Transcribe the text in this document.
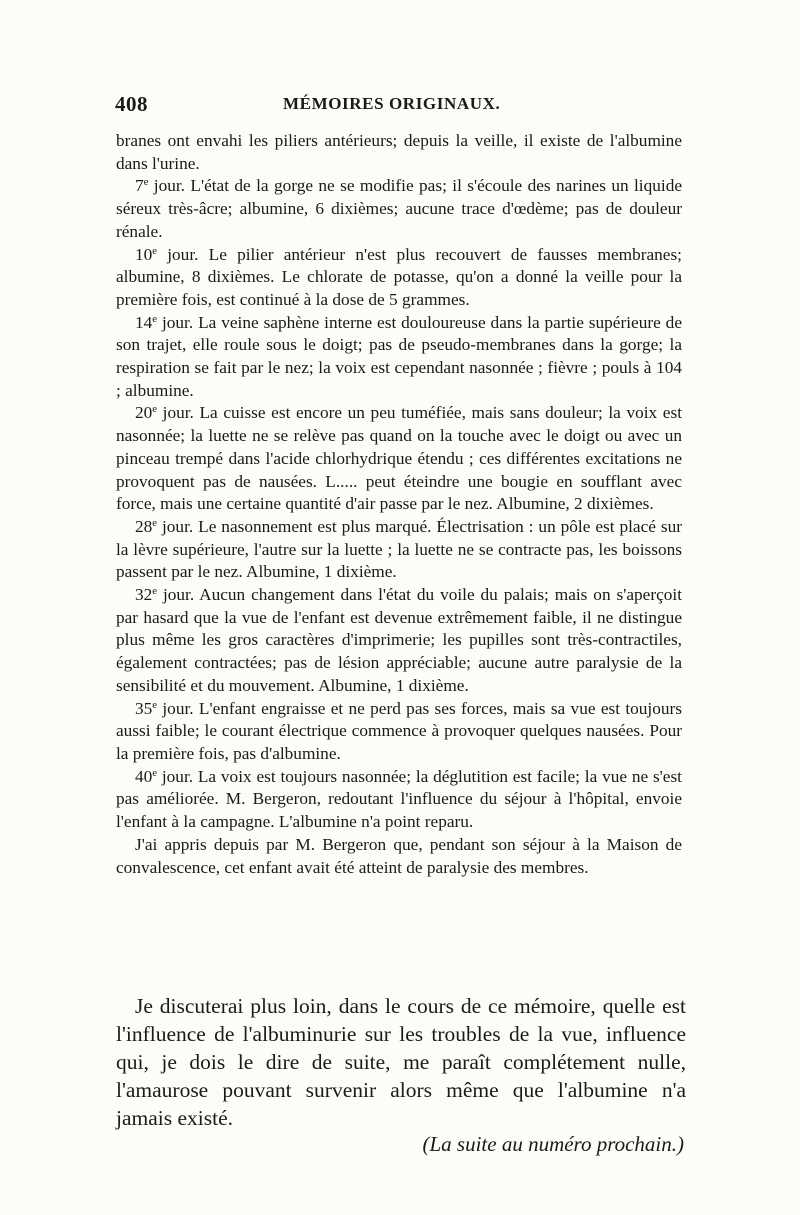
408	MÉMOIRES ORIGINAUX.

branes ont envahi les piliers antérieurs; depuis la veille, il existe de l'albumine dans l'urine.

7e jour. L'état de la gorge ne se modifie pas; il s'écoule des narines un liquide séreux très-âcre; albumine, 6 dixièmes; aucune trace d'œdème; pas de douleur rénale.

10e jour. Le pilier antérieur n'est plus recouvert de fausses membranes; albumine, 8 dixièmes. Le chlorate de potasse, qu'on a donné la veille pour la première fois, est continué à la dose de 5 grammes.

14e jour. La veine saphène interne est douloureuse dans la partie supérieure de son trajet, elle roule sous le doigt; pas de pseudo-membranes dans la gorge; la respiration se fait par le nez; la voix est cependant nasonnée ; fièvre ; pouls à 104 ; albumine.

20e jour. La cuisse est encore un peu tuméfiée, mais sans douleur; la voix est nasonnée; la luette ne se relève pas quand on la touche avec le doigt ou avec un pinceau trempé dans l'acide chlorhydrique étendu ; ces différentes excitations ne provoquent pas de nausées. L..... peut éteindre une bougie en soufflant avec force, mais une certaine quantité d'air passe par le nez. Albumine, 2 dixièmes.

28e jour. Le nasonnement est plus marqué. Électrisation : un pôle est placé sur la lèvre supérieure, l'autre sur la luette ; la luette ne se contracte pas, les boissons passent par le nez. Albumine, 1 dixième.

32e jour. Aucun changement dans l'état du voile du palais; mais on s'aperçoit par hasard que la vue de l'enfant est devenue extrêmement faible, il ne distingue plus même les gros caractères d'imprimerie; les pupilles sont très-contractiles, également contractées; pas de lésion appréciable; aucune autre paralysie de la sensibilité et du mouvement. Albumine, 1 dixième.

35e jour. L'enfant engraisse et ne perd pas ses forces, mais sa vue est toujours aussi faible; le courant électrique commence à provoquer quelques nausées. Pour la première fois, pas d'albumine.

40e jour. La voix est toujours nasonnée; la déglutition est facile; la vue ne s'est pas améliorée. M. Bergeron, redoutant l'influence du séjour à l'hôpital, envoie l'enfant à la campagne. L'albumine n'a point reparu.

J'ai appris depuis par M. Bergeron que, pendant son séjour à la Maison de convalescence, cet enfant avait été atteint de paralysie des membres.

Je discuterai plus loin, dans le cours de ce mémoire, quelle est l'influence de l'albuminurie sur les troubles de la vue, influence qui, je dois le dire de suite, me paraît complétement nulle, l'amaurose pouvant survenir alors même que l'albumine n'a jamais existé.

(La suite au numéro prochain.)
